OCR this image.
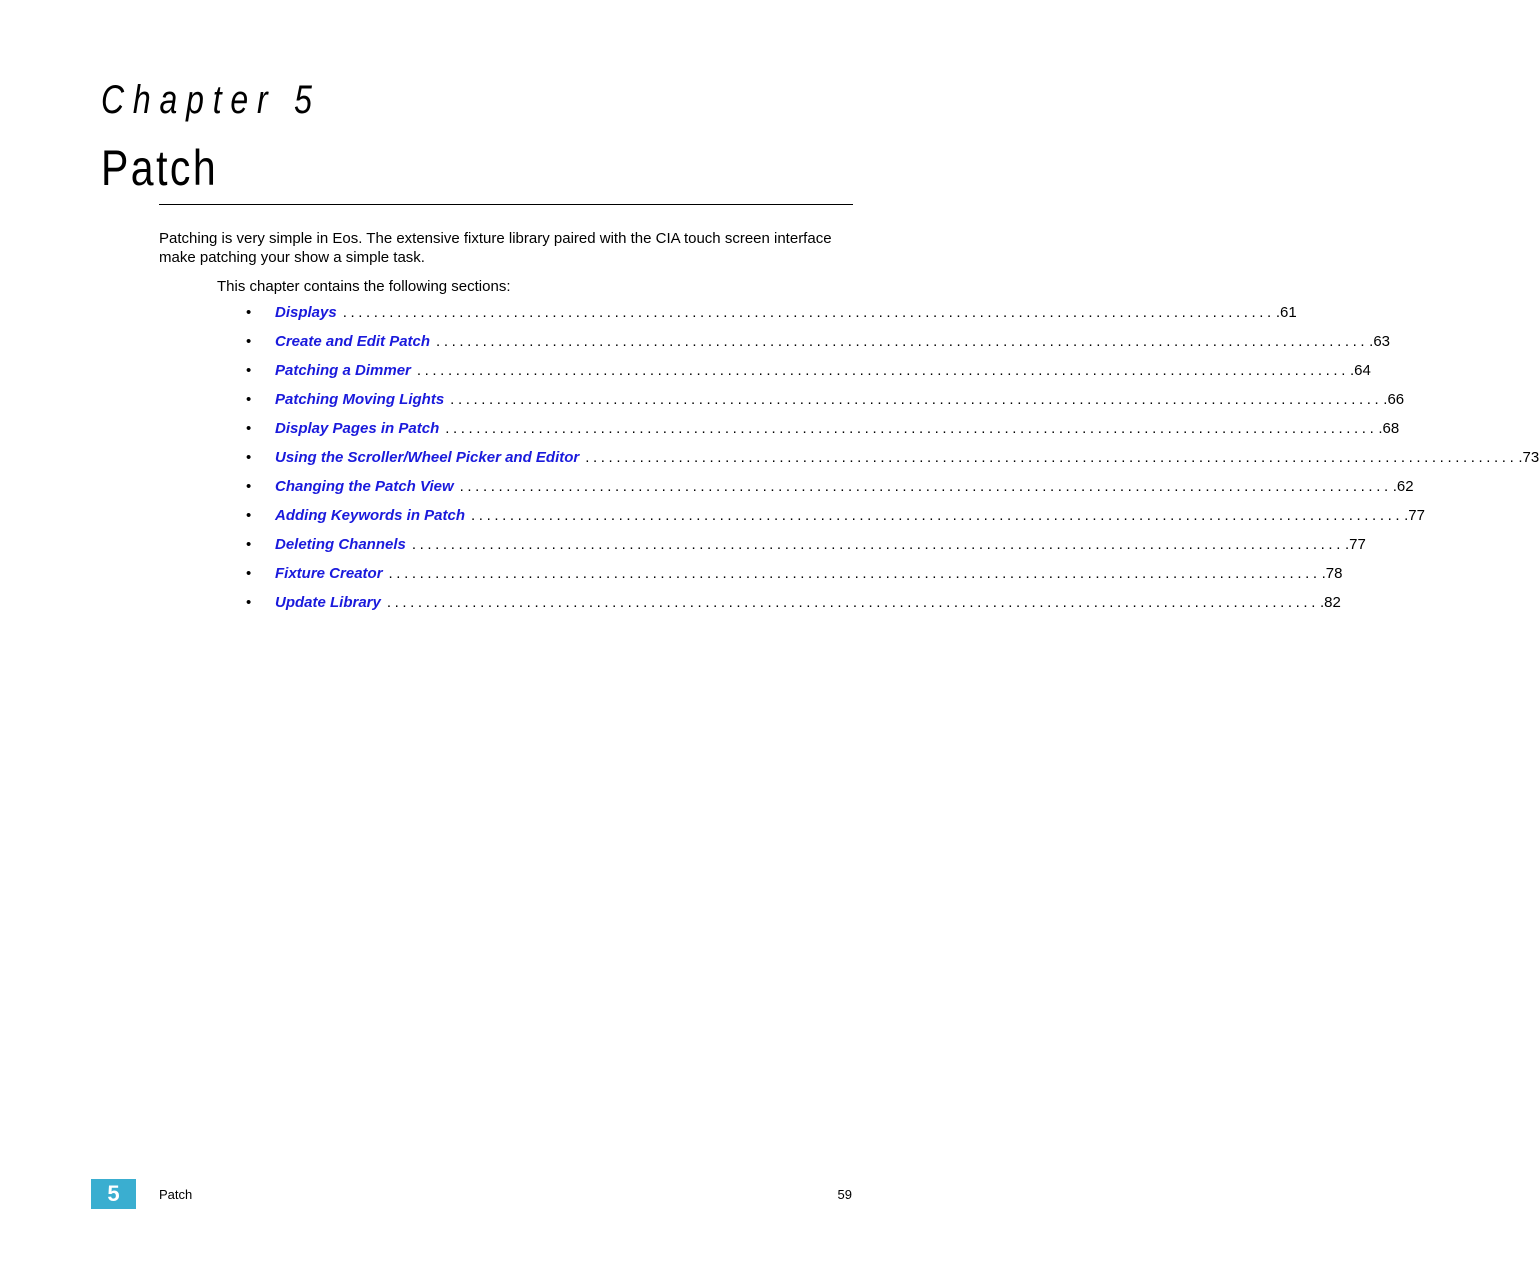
Chapter 5
Patch

Patching is very simple in Eos. The extensive fixture library paired with the CIA touch screen interface make patching your show a simple task.

This chapter contains the following sections:

• Displays ........................................................................................................................ .61
• Create and Edit Patch ........................................................................................................................ .63
• Patching a Dimmer ........................................................................................................................ .64
• Patching Moving Lights ........................................................................................................................ .66
• Display Pages in Patch ........................................................................................................................ .68
• Using the Scroller/Wheel Picker and Editor ........................................................................................................................ .73
• Changing the Patch View ........................................................................................................................ .62
• Adding Keywords in Patch ........................................................................................................................ .77
• Deleting Channels ........................................................................................................................ .77
• Fixture Creator ........................................................................................................................ .78
• Update Library ........................................................................................................................ .82
5	Patch	59
